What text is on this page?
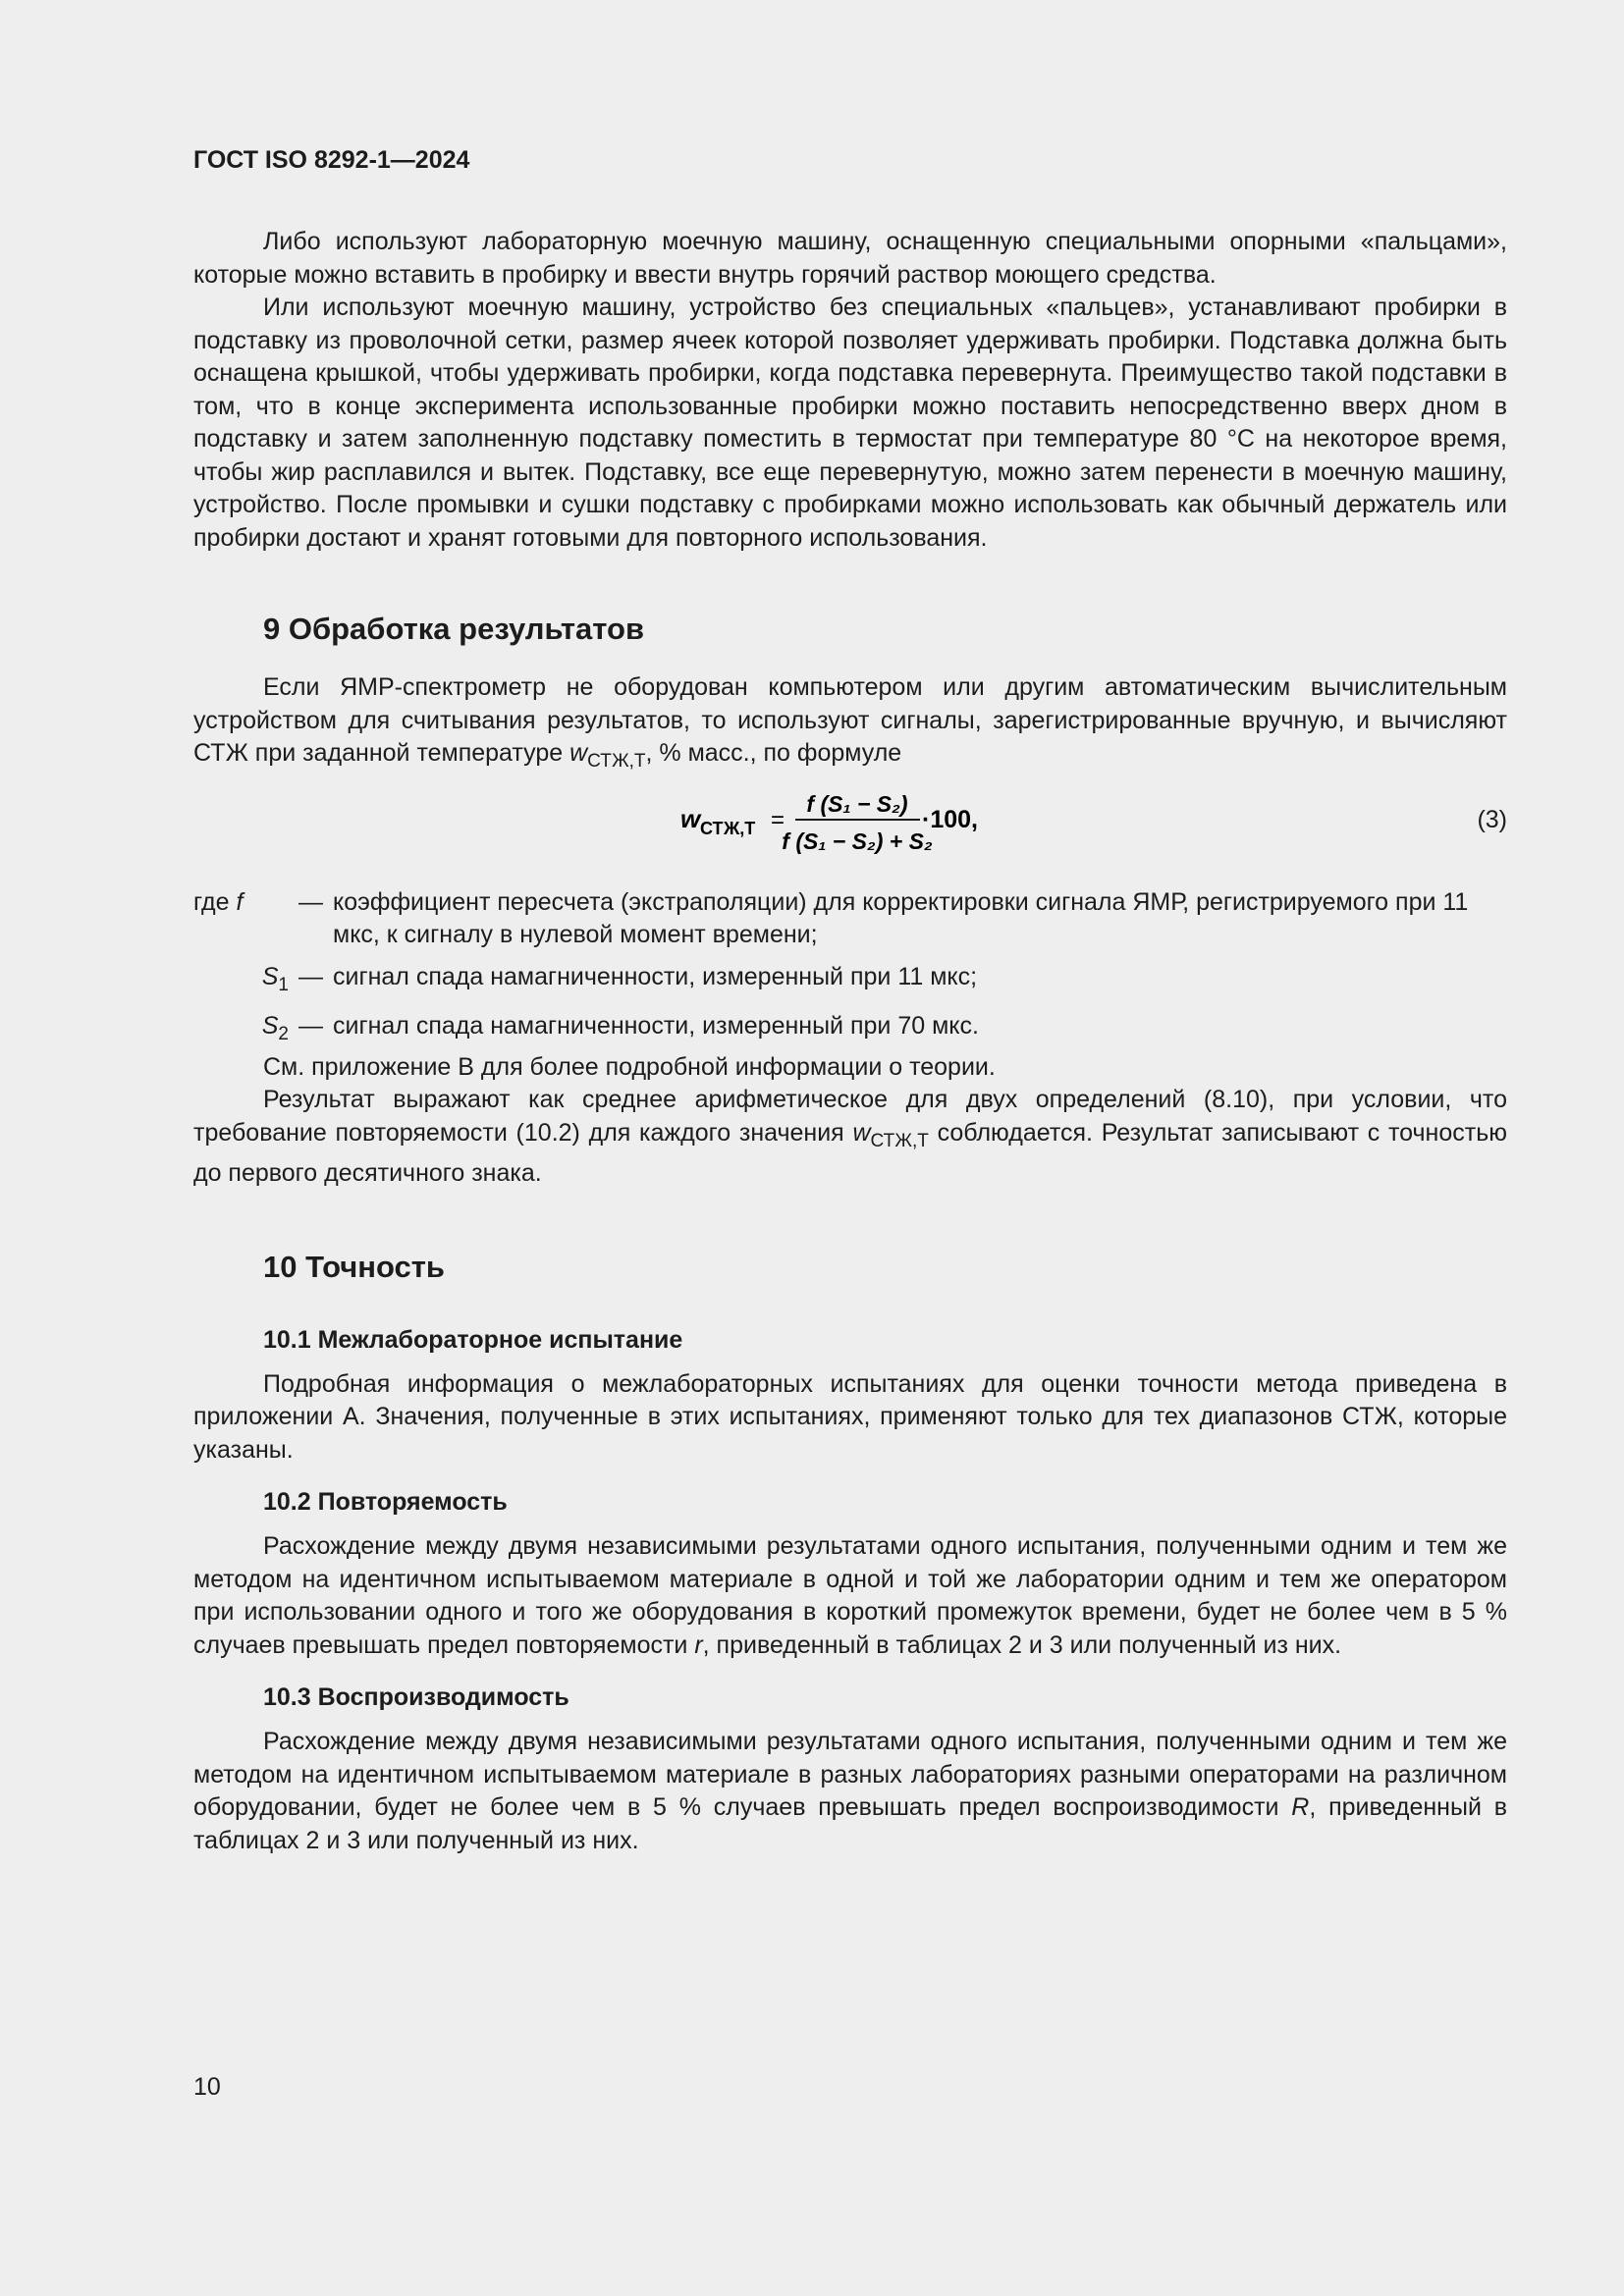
ГОСТ ISO 8292-1—2024

Либо используют лабораторную моечную машину, оснащенную специальными опорными «пальцами», которые можно вставить в пробирку и ввести внутрь горячий раствор моющего средства.

Или используют моечную машину, устройство без специальных «пальцев», устанавливают пробирки в подставку из проволочной сетки, размер ячеек которой позволяет удерживать пробирки. Подставка должна быть оснащена крышкой, чтобы удерживать пробирки, когда подставка перевернута. Преимущество такой подставки в том, что в конце эксперимента использованные пробирки можно поставить непосредственно вверх дном в подставку и затем заполненную подставку поместить в термостат при температуре 80 °С на некоторое время, чтобы жир расплавился и вытек. Подставку, все еще перевернутую, можно затем перенести в моечную машину, устройство. После промывки и сушки подставку с пробирками можно использовать как обычный держатель или пробирки достают и хранят готовыми для повторного использования.

9 Обработка результатов

Если ЯМР-спектрометр не оборудован компьютером или другим автоматическим вычислительным устройством для считывания результатов, то используют сигналы, зарегистрированные вручную, и вычисляют СТЖ при заданной температуре $w_{СТЖ,T}$, % масс., по формуле

w СТЖ,T =
f (S₁ − S₂)
f (S₁ − S₂) + S₂
·100,	(3)
где f	— коэффициент пересчета (экстраполяции) для корректировки сигнала ЯМР, регистрируемого при 11 мкс, к сигналу в нулевой момент времени;
$S_1$ — сигнал спада намагниченности, измеренный при 11 мкс;
$S_2$ — сигнал спада намагниченности, измеренный при 70 мкс.

См. приложение В для более подробной информации о теории.

Результат выражают как среднее арифметическое для двух определений (8.10), при условии, что требование повторяемости (10.2) для каждого значения $w_{СТЖ,T}$ соблюдается. Результат записывают с точностью до первого десятичного знака.

10 Точность
10.1 Межлабораторное испытание

Подробная информация о межлабораторных испытаниях для оценки точности метода приведена в приложении А. Значения, полученные в этих испытаниях, применяют только для тех диапазонов СТЖ, которые указаны.

10.2 Повторяемость

Расхождение между двумя независимыми результатами одного испытания, полученными одним и тем же методом на идентичном испытываемом материале в одной и той же лаборатории одним и тем же оператором при использовании одного и того же оборудования в короткий промежуток времени, будет не более чем в 5 % случаев превышать предел повторяемости r, приведенный в таблицах 2 и 3 или полученный из них.

10.3 Воспроизводимость

Расхождение между двумя независимыми результатами одного испытания, полученными одним и тем же методом на идентичном испытываемом материале в разных лабораториях разными операторами на различном оборудовании, будет не более чем в 5 % случаев превышать предел воспроизводимости R, приведенный в таблицах 2 и 3 или полученный из них.

10
